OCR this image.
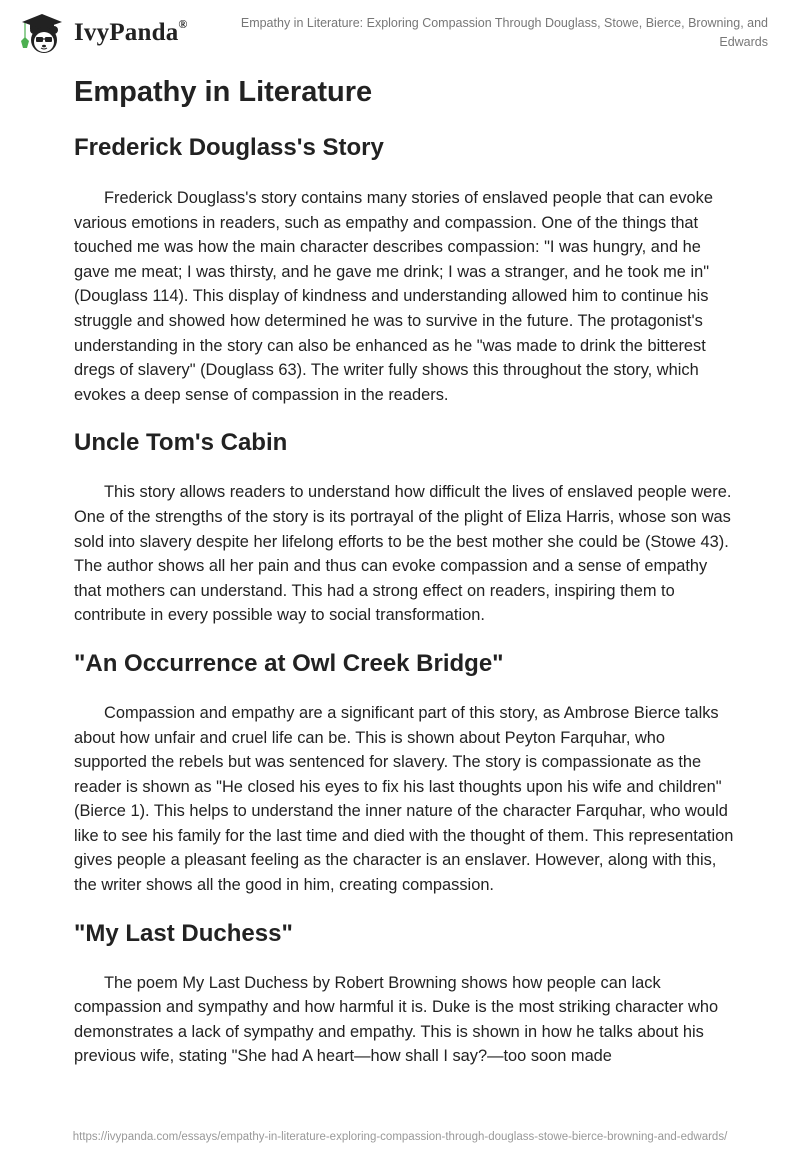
IvyPanda®	Empathy in Literature: Exploring Compassion Through Douglass, Stowe, Bierce, Browning, and Edwards
Empathy in Literature
Frederick Douglass's Story

Frederick Douglass's story contains many stories of enslaved people that can evoke various emotions in readers, such as empathy and compassion. One of the things that touched me was how the main character describes compassion: "I was hungry, and he gave me meat; I was thirsty, and he gave me drink; I was a stranger, and he took me in" (Douglass 114). This display of kindness and understanding allowed him to continue his struggle and showed how determined he was to survive in the future. The protagonist's understanding in the story can also be enhanced as he "was made to drink the bitterest dregs of slavery" (Douglass 63). The writer fully shows this throughout the story, which evokes a deep sense of compassion in the readers.

Uncle Tom's Cabin

This story allows readers to understand how difficult the lives of enslaved people were. One of the strengths of the story is its portrayal of the plight of Eliza Harris, whose son was sold into slavery despite her lifelong efforts to be the best mother she could be (Stowe 43). The author shows all her pain and thus can evoke compassion and a sense of empathy that mothers can understand. This had a strong effect on readers, inspiring them to contribute in every possible way to social transformation.

"An Occurrence at Owl Creek Bridge"

Compassion and empathy are a significant part of this story, as Ambrose Bierce talks about how unfair and cruel life can be. This is shown about Peyton Farquhar, who supported the rebels but was sentenced for slavery. The story is compassionate as the reader is shown as "He closed his eyes to fix his last thoughts upon his wife and children" (Bierce 1). This helps to understand the inner nature of the character Farquhar, who would like to see his family for the last time and died with the thought of them. This representation gives people a pleasant feeling as the character is an enslaver. However, along with this, the writer shows all the good in him, creating compassion.

"My Last Duchess"

The poem My Last Duchess by Robert Browning shows how people can lack compassion and sympathy and how harmful it is. Duke is the most striking character who demonstrates a lack of sympathy and empathy. This is shown in how he talks about his previous wife, stating "She had A heart—how shall I say?—too soon made

https://ivypanda.com/essays/empathy-in-literature-exploring-compassion-through-douglass-stowe-bierce-browning-and-edwards/
